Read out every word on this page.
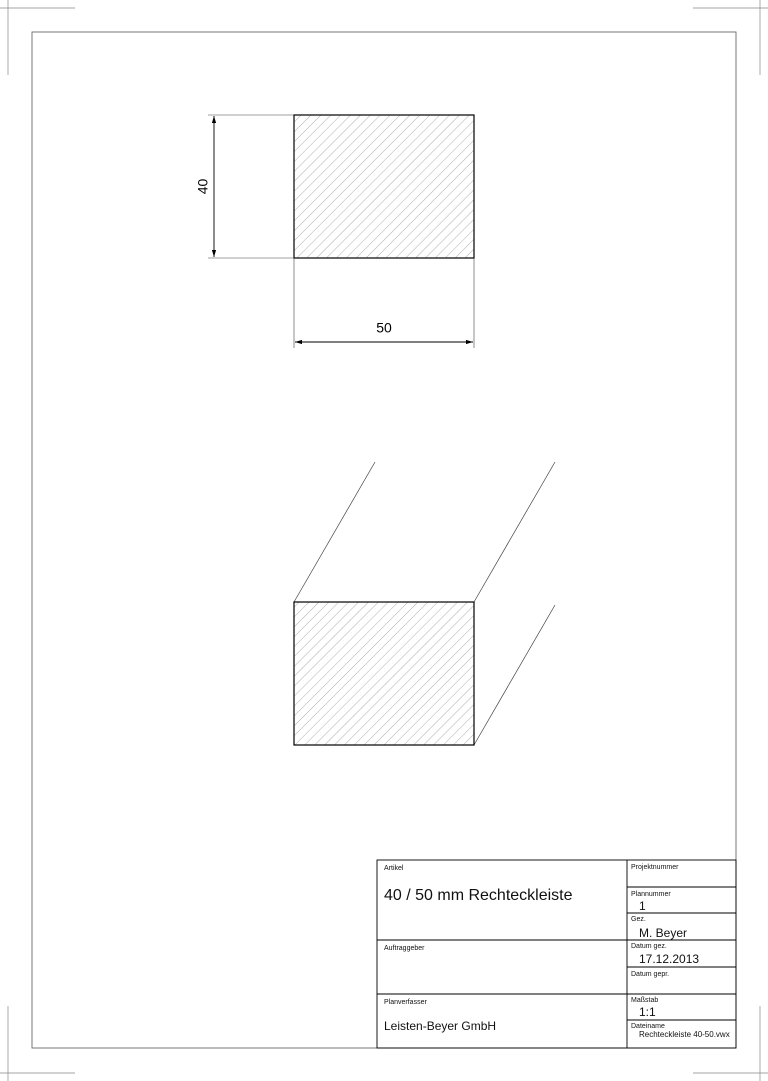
40
50
Artikel
40 / 50 mm Rechteckleiste
Auftraggeber
Planverfasser
Leisten-Beyer GmbH
Projektnummer
Plannummer
1
Gez.
M. Beyer
Datum gez.
17.12.2013
Datum gepr.
Maßstab
1:1
Dateiname
Rechteckleiste 40-50.vwx
